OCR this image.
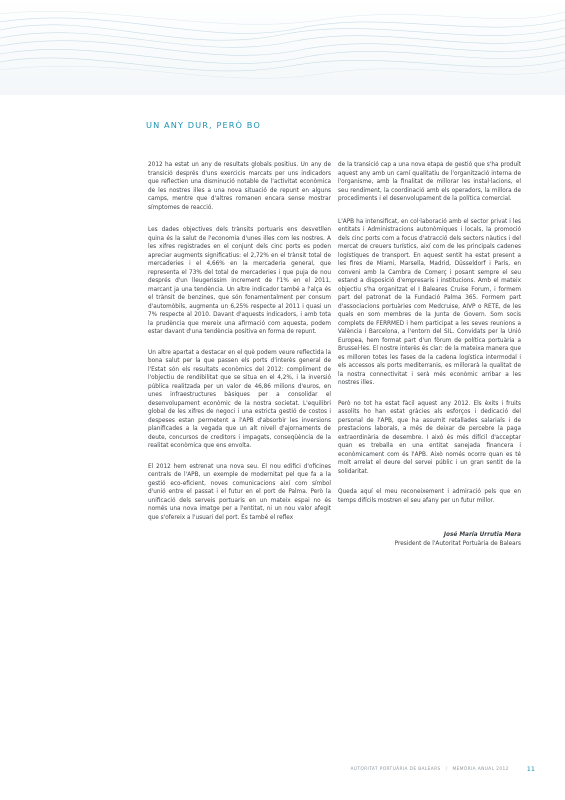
UN ANY DUR, PERÒ BO

2012 ha estat un any de resultats globals positius. Un any de transició després d'uns exercicis marcats per uns indicadors que reflectien una disminució notable de l'activitat econòmica de les nostres illes a una nova situació de repunt en alguns camps, mentre que d'altres romanen encara sense mostrar símptomes de reacció.

Les dades objectives dels trànsits portuaris ens desvetllen quina és la salut de l'economia d'unes illes com les nostres. A les xifres registrades en el conjunt dels cinc ports es poden apreciar augments significatius: el 2,72% en el trànsit total de mercaderies i el 4,66% en la mercaderia general, que representa el 73% del total de mercaderies i que puja de nou després d'un lleugerissim increment de l'1% en el 2011, marcant ja una tendència. Un altre indicador també a l'alça és el trànsit de benzines, que són fonamentalment per consum d'automòbils, augmenta un 6,25% respecte al 2011 i quasi un 7% respecte al 2010. Davant d'aquests indicadors, i amb tota la prudència que mereix una afirmació com aquesta, podem estar davant d'una tendència positiva en forma de repunt.

Un altre apartat a destacar en el què podem veure reflectida la bona salut per la que passen els ports d'interès general de l'Estat són els resultats econòmics del 2012: compliment de l'objectiu de rendibilitat que se situa en el 4,2%, i la inversió pública realitzada per un valor de 46,86 milions d'euros, en unes infraestructures bàsiques per a consolidar el desenvolupament econòmic de la nostra societat. L'equilibri global de les xifres de negoci i una estricta gestió de costos i despeses estan permetent a l'APB d'absorbir les inversions planificades a la vegada que un alt nivell d'ajornaments de deute, concursos de creditors i impagats, conseqüència de la realitat econòmica que ens envolta.

El 2012 hem estrenat una nova seu. El nou edifici d'oficines centrals de l'APB, un exemple de modernitat pel que fa a la gestió eco-eficient, noves comunicacions així com símbol d'unió entre el passat i el futur en el port de Palma. Però la unificació dels serveis portuaris en un mateix espai no és només una nova imatge per a l'entitat, ni un nou valor afegit que s'ofereix a l'usuari del port. És també el reflex

de la transició cap a una nova etapa de gestió que s'ha produït aquest any amb un camí qualitatiu de l'organització interna de l'organisme, amb la finalitat de millorar les instal·lacions, el seu rendiment, la coordinació amb els operadors, la millora de procediments i el desenvolupament de la política comercial.

L'APB ha intensificat, en col·laboració amb el sector privat i les entitats i Administracions autonòmiques i locals, la promoció dels cinc ports com a focus d'atracció dels sectors nàutics i del mercat de creuers turístics, així com de les principals cadenes logístiques de transport. En aquest sentit ha estat present a les fires de Miami, Marsella, Madrid, Düsseldorf i París, en conveni amb la Cambra de Comerç i posant sempre el seu estand a disposició d'empresaris i institucions. Amb el mateix objectiu s'ha organitzat el I Baleares Cruise Forum, i formem part del patronat de la Fundació Palma 365. Formem part d'associacions portuàries com Medcruise, AIVP o RETE, de les quals en som membres de la Junta de Govern. Som socis complets de FERRMED i hem participat a les seves reunions a València i Barcelona, a l'entorn del SIL. Convidats per la Unió Europea, hem format part d'un fòrum de política portuària a Brussel·les. El nostre interès és clar: de la mateixa manera que es milloren totes les fases de la cadena logística intermodal i els accessos als ports mediterranis, es millorarà la qualitat de la nostra connectivitat i serà més econòmic arribar a les nostres illes.

Però no tot ha estat fàcil aquest any 2012. Els èxits i fruits assolits ho han estat gràcies als esforços i dedicació del personal de l'APB, que ha assumit retallades salarials i de prestacions laborals, a més de deixar de percebre la paga extraordinària de desembre. I això és més difícil d'acceptar quan es treballa en una entitat sanejada financera i econòmicament com és l'APB. Això només ocorre quan es té molt arrelat el deure del servei públic i un gran sentit de la solidaritat.

Queda aquí el meu reconeixement i admiració pels que en temps difícils mostren el seu afany per un futur millor.

José María Urrutia Mera
President de l'Autoritat Portuària de Balears
AUTORITAT PORTUÀRIA DE BALEARS / MEMÒRIA ANUAL 2012	11
